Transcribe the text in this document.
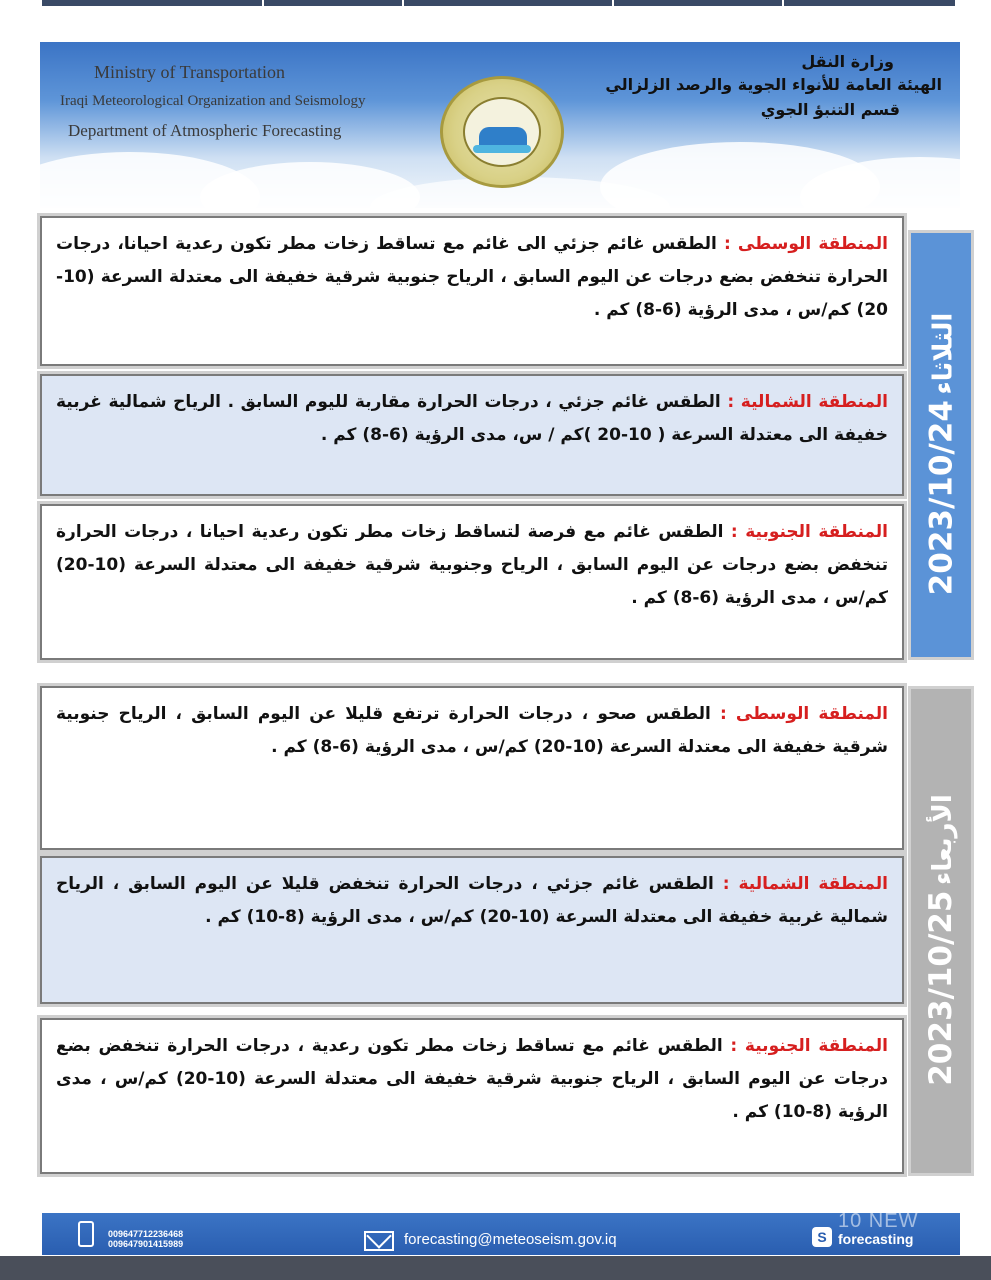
Ministry of Transportation
Iraqi Meteorological Organization and Seismology
Department of Atmospheric Forecasting
وزارة النقل
الهيئة العامة للأنواء الجوية والرصد الزلزالي
قسم التنبؤ الجوي
المنطقة الوسطى : الطقس غائم جزئي الى غائم مع تساقط زخات مطر تكون رعدية احيانا، درجات الحرارة تنخفض بضع درجات عن اليوم السابق ، الرياح جنوبية شرقية خفيفة الى معتدلة السرعة (10-20) كم/س ، مدى الرؤية (6-8) كم .
المنطقة الشمالية : الطقس غائم جزئي ، درجات الحرارة مقاربة لليوم السابق . الرياح شمالية غربية خفيفة الى معتدلة السرعة ( 10-20 )كم / س، مدى الرؤية (6-8) كم .
المنطقة الجنوبية : الطقس غائم مع فرصة لتساقط زخات مطر تكون رعدية احيانا ، درجات الحرارة تنخفض بضع درجات عن اليوم السابق ، الرياح وجنوبية شرقية خفيفة الى معتدلة السرعة (10-20) كم/س ، مدى الرؤية (6-8) كم .
2023/10/24 الثلاثاء
المنطقة الوسطى : الطقس صحو ، درجات الحرارة ترتفع قليلا عن اليوم السابق ، الرياح جنوبية شرقية خفيفة الى معتدلة السرعة (10-20) كم/س ، مدى الرؤية (6-8) كم .
المنطقة الشمالية : الطقس غائم جزئي ، درجات الحرارة تنخفض قليلا عن اليوم السابق ، الرياح شمالية غربية خفيفة الى معتدلة السرعة (10-20) كم/س ، مدى الرؤية (8-10) كم .
المنطقة الجنوبية : الطقس غائم مع تساقط زخات مطر تكون رعدية ، درجات الحرارة تنخفض بضع درجات عن اليوم السابق ، الرياح جنوبية شرقية خفيفة الى معتدلة السرعة (10-20) كم/س ، مدى الرؤية (8-10) كم .
2023/10/25 الأربعاء
009647712236468
009647901415989	forecasting@meteoseism.gov.iq	S forecasting
10 NEW
